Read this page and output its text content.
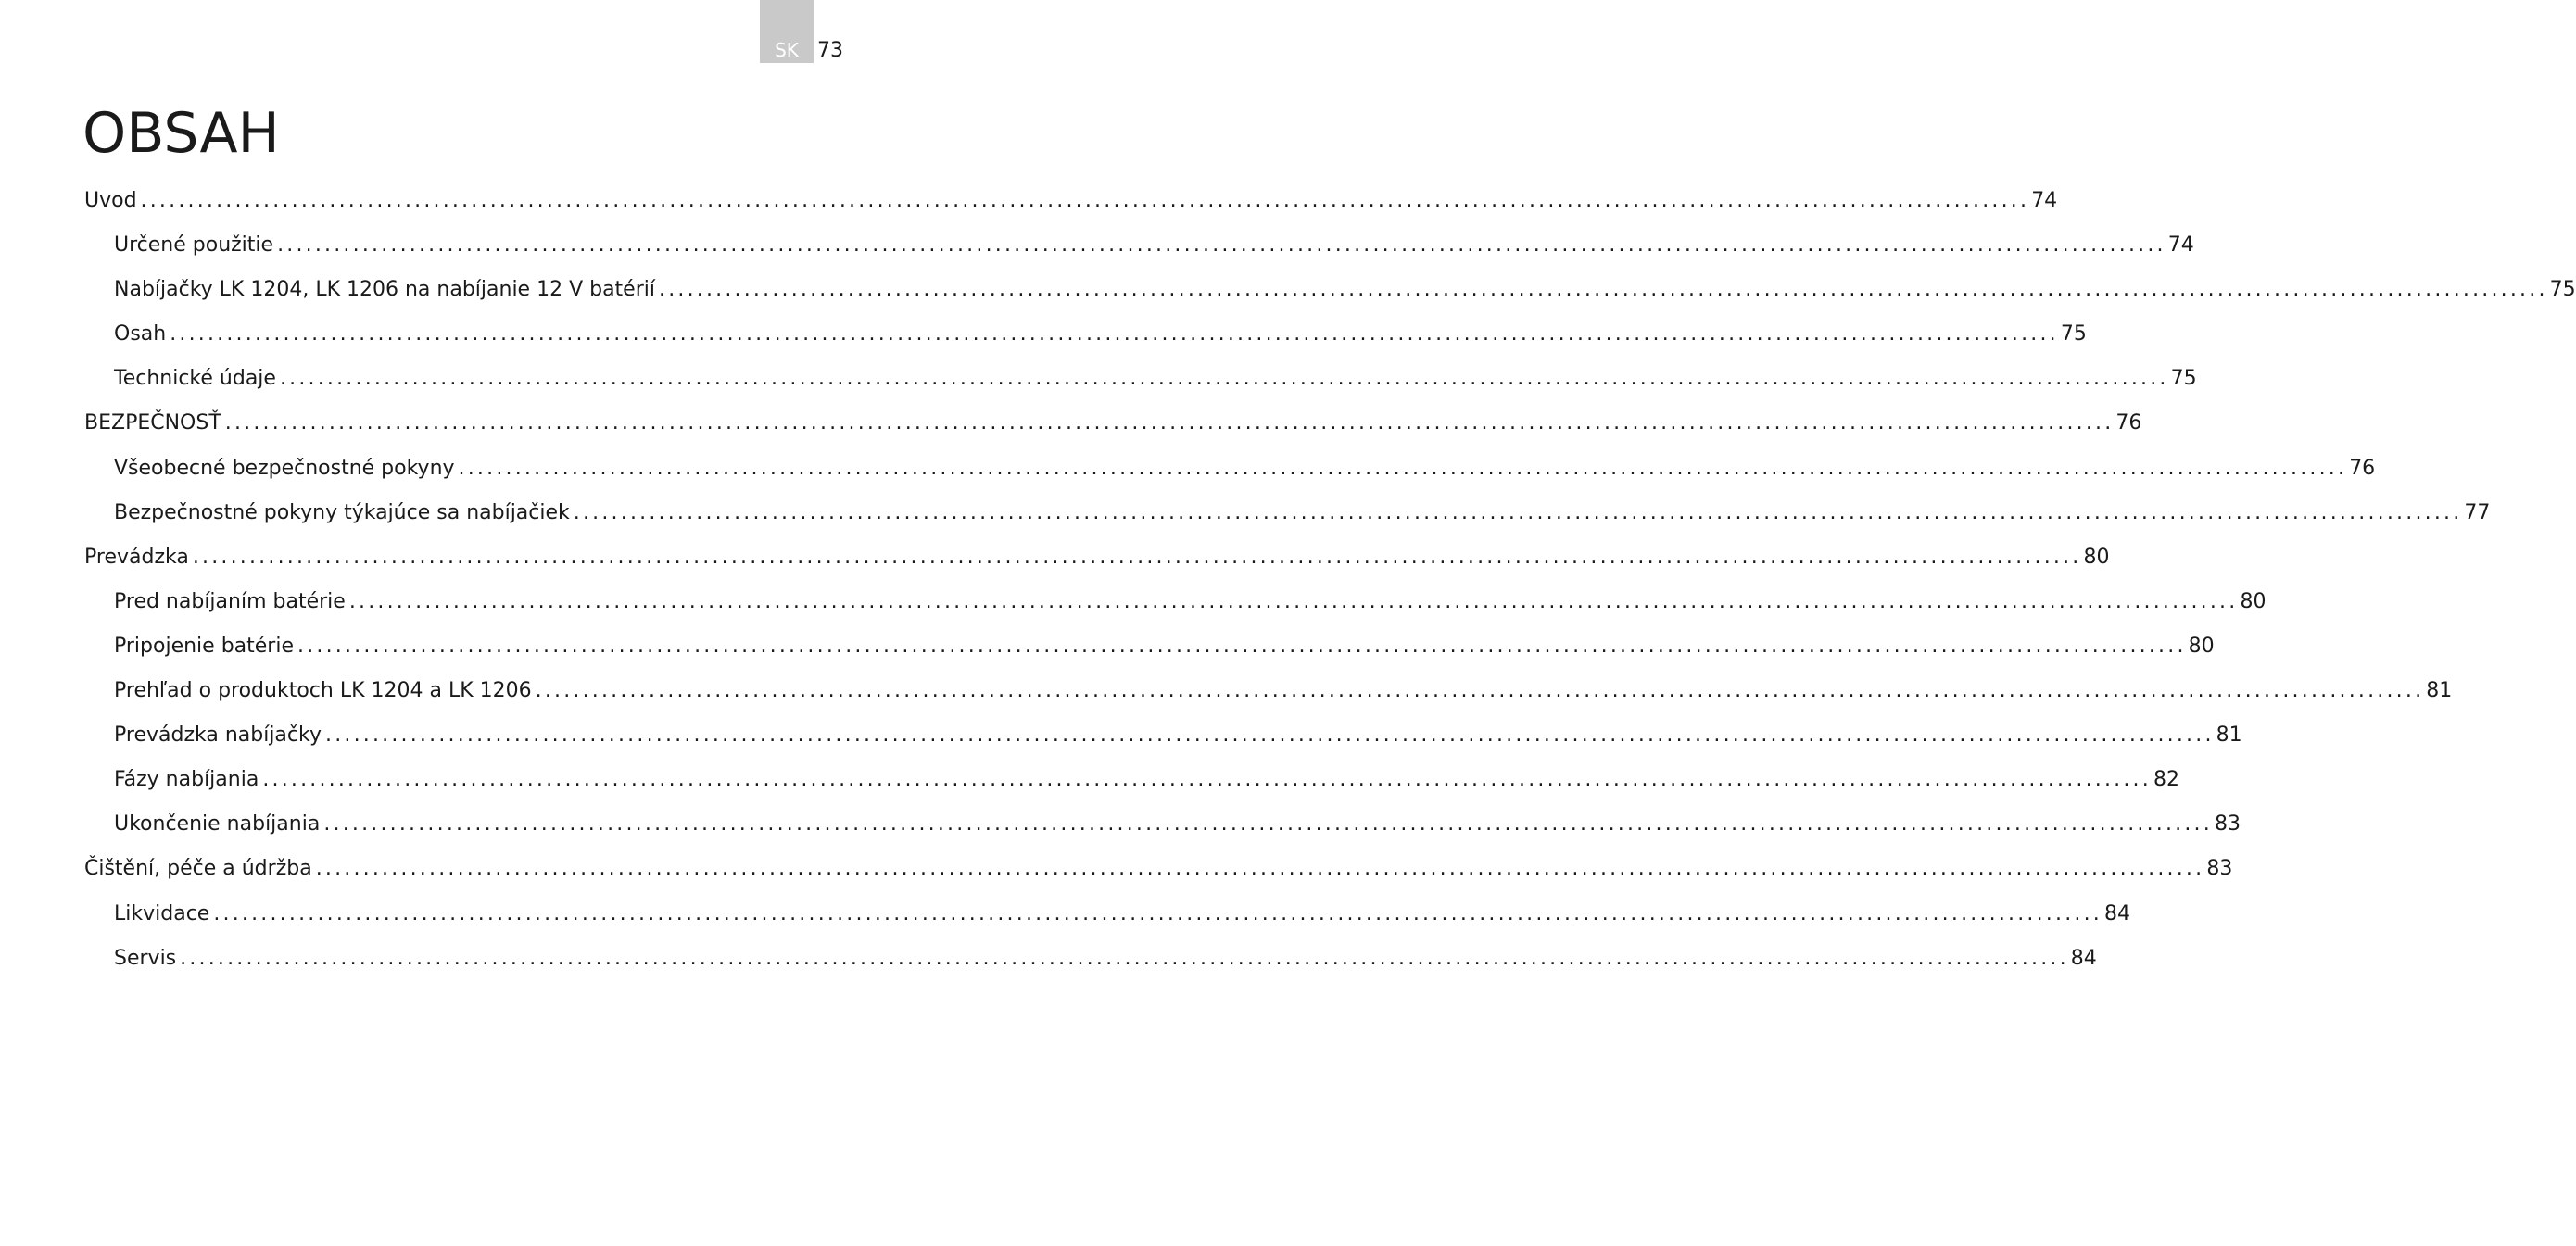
SK 73
OBSAH
Uvod ........................................................................................................................................................................................................ 74
Určené použitie ........................................................................................................................................................................................................ 74
Nabíjačky LK 1204, LK 1206 na nabíjanie 12 V batérií ........................................................................................................................................................................................................ 75
Osah ........................................................................................................................................................................................................ 75
Technické údaje ........................................................................................................................................................................................................ 75
BEZPEČNOSŤ ........................................................................................................................................................................................................ 76
Všeobecné bezpečnostné pokyny ........................................................................................................................................................................................................ 76
Bezpečnostné pokyny týkajúce sa nabíjačiek ........................................................................................................................................................................................................ 77
Prevádzka ........................................................................................................................................................................................................ 80
Pred nabíjaním batérie ........................................................................................................................................................................................................ 80
Pripojenie batérie ........................................................................................................................................................................................................ 80
Prehľad o produktoch LK 1204 a LK 1206 ........................................................................................................................................................................................................ 81
Prevádzka nabíjačky ........................................................................................................................................................................................................ 81
Fázy nabíjania ........................................................................................................................................................................................................ 82
Ukončenie nabíjania ........................................................................................................................................................................................................ 83
Čištění, péče a údržba ........................................................................................................................................................................................................ 83
Likvidace ........................................................................................................................................................................................................ 84
Servis ........................................................................................................................................................................................................ 84
